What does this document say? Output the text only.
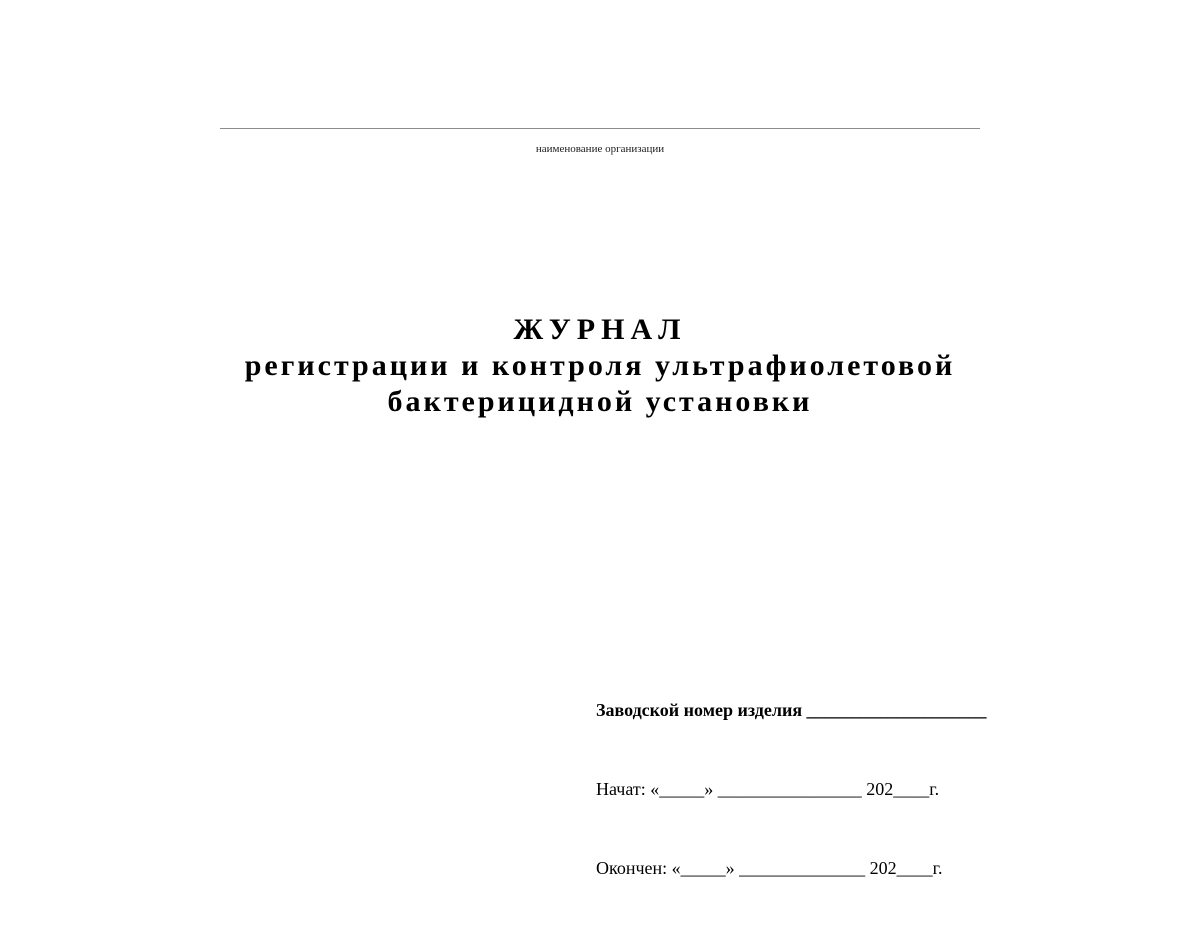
наименование организации
ЖУРНАЛ
регистрации и контроля ультрафиолетовой
бактерицидной установки

Заводской номер изделия ____________________

Начат: «_____» ________________ 202____г.

Окончен: «_____» ______________ 202____г.
